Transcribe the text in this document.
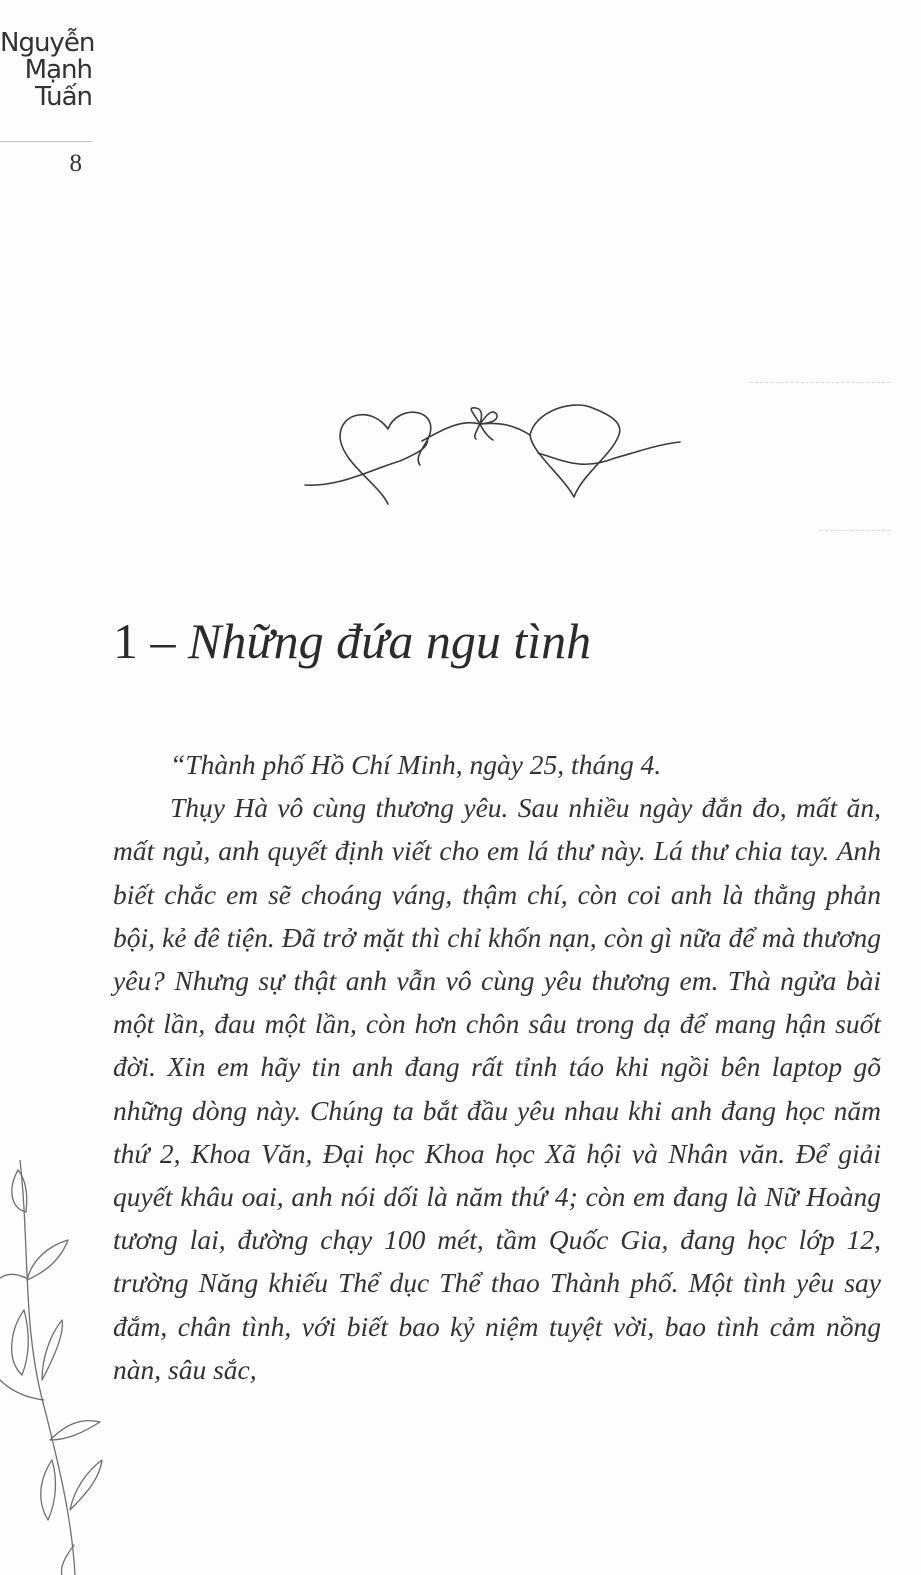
Nguyễn
Mạnh
Tuấn
8
1 – Những đứa ngu tình

“Thành phố Hồ Chí Minh, ngày 25, tháng 4.

Thụy Hà vô cùng thương yêu. Sau nhiều ngày đắn đo, mất ăn, mất ngủ, anh quyết định viết cho em lá thư này. Lá thư chia tay. Anh biết chắc em sẽ choáng váng, thậm chí, còn coi anh là thằng phản bội, kẻ đê tiện. Đã trở mặt thì chỉ khốn nạn, còn gì nữa để mà thương yêu? Nhưng sự thật anh vẫn vô cùng yêu thương em. Thà ngửa bài một lần, đau một lần, còn hơn chôn sâu trong dạ để mang hận suốt đời. Xin em hãy tin anh đang rất tỉnh táo khi ngồi bên laptop gõ những dòng này. Chúng ta bắt đầu yêu nhau khi anh đang học năm thứ 2, Khoa Văn, Đại học Khoa học Xã hội và Nhân văn. Để giải quyết khâu oai, anh nói dối là năm thứ 4; còn em đang là Nữ Hoàng tương lai, đường chạy 100 mét, tầm Quốc Gia, đang học lớp 12, trường Năng khiếu Thể dục Thể thao Thành phố. Một tình yêu say đắm, chân tình, với biết bao kỷ niệm tuyệt vời, bao tình cảm nồng nàn, sâu sắc,
